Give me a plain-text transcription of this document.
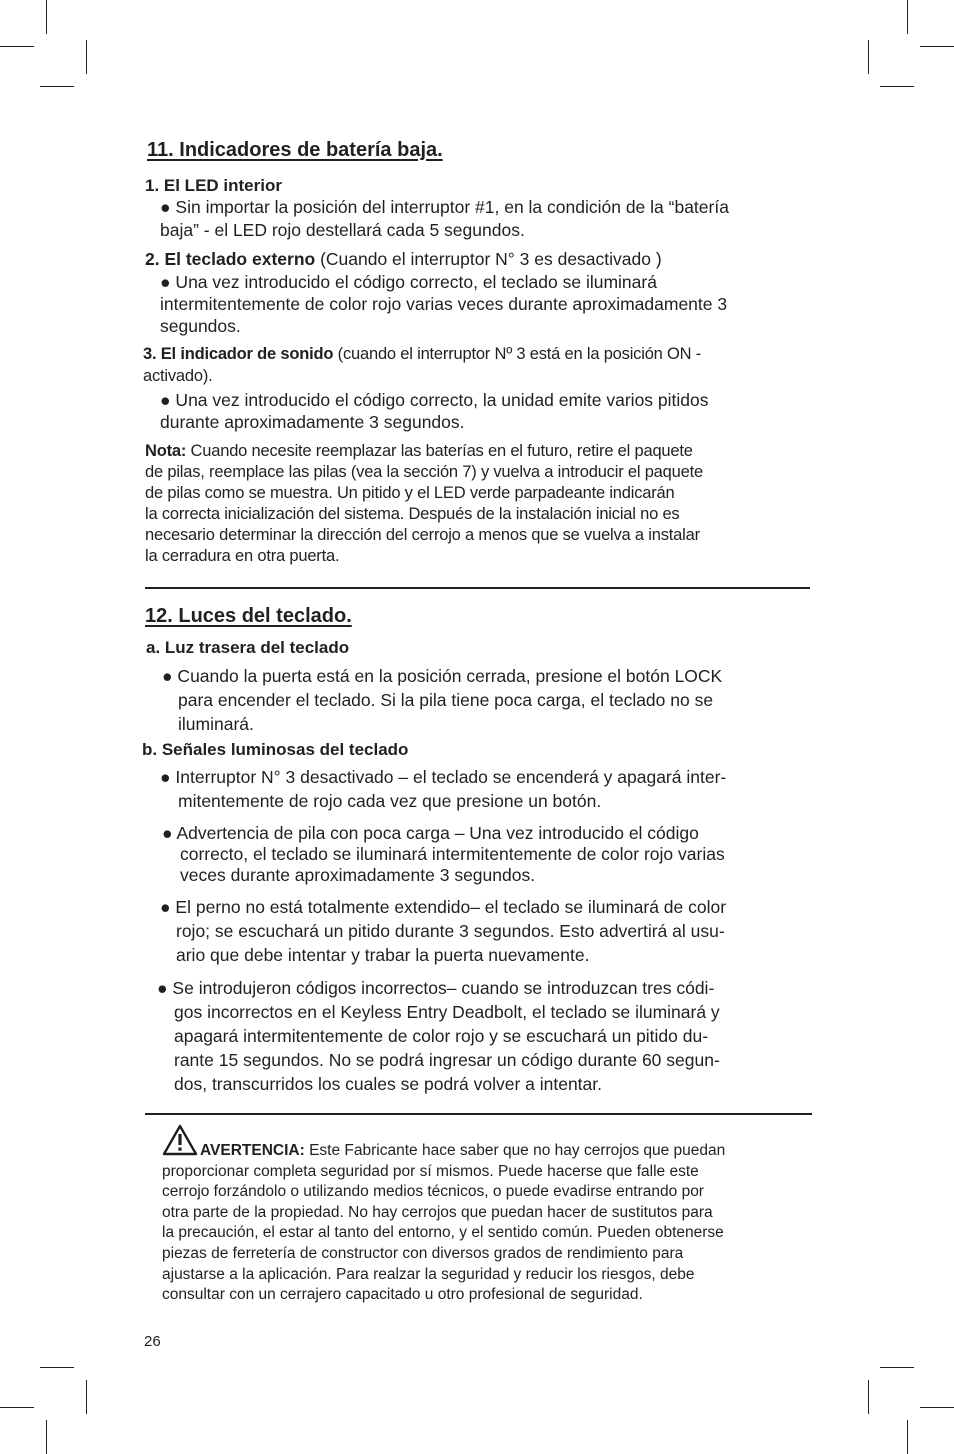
11. Indicadores de batería baja.

1. El LED interior

● Sin importar la posición del interruptor #1, en la condición de la “batería

baja” - el LED rojo destellará cada 5 segundos.

2. El teclado externo (Cuando el interruptor N° 3 es desactivado )

● Una vez introducido el código correcto, el teclado se iluminará

intermitentemente de color rojo varias veces durante aproximadamente 3

segundos.

3. El indicador de sonido (cuando el interruptor Nº 3 está en la posición ON -

activado).

● Una vez introducido el código correcto, la unidad emite varios pitidos

durante aproximadamente 3 segundos.

Nota: Cuando necesite reemplazar las baterías en el futuro, retire el paquete

de pilas, reemplace las pilas (vea la sección 7) y vuelva a introducir el paquete

de pilas como se muestra. Un pitido y el LED verde parpadeante indicarán

la correcta inicialización del sistema. Después de la instalación inicial no es

necesario determinar la dirección del cerrojo a menos que se vuelva a instalar

la cerradura en otra puerta.

12. Luces del teclado.

a. Luz trasera del teclado

● Cuando la puerta está en la posición cerrada, presione el botón LOCK

para encender el teclado. Si la pila tiene poca carga, el teclado no se

iluminará.

b. Señales luminosas del teclado

● Interruptor N° 3 desactivado – el teclado se encenderá y apagará inter-

mitentemente de rojo cada vez que presione un botón.

● Advertencia de pila con poca carga – Una vez introducido el código

correcto, el teclado se iluminará intermitentemente de color rojo varias

veces durante aproximadamente 3 segundos.

● El perno no está totalmente extendido– el teclado se iluminará de color

rojo; se escuchará un pitido durante 3 segundos. Esto advertirá al usu-

ario que debe intentar y trabar la puerta nuevamente.

● Se introdujeron códigos incorrectos– cuando se introduzcan tres códi-

gos incorrectos en el Keyless Entry Deadbolt, el teclado se iluminará y

apagará intermitentemente de color rojo y se escuchará un pitido du-

rante 15 segundos. No se podrá ingresar un código durante 60 segun-

dos, transcurridos los cuales se podrá volver a intentar.

AVERTENCIA: Este Fabricante hace saber que no hay cerrojos que puedan
proporcionar completa seguridad por sí mismos. Puede hacerse que falle este
cerrojo forzándolo o utilizando medios técnicos, o puede evadirse entrando por
otra parte de la propiedad. No hay cerrojos que puedan hacer de sustitutos para
la precaución, el estar al tanto del entorno, y el sentido común. Pueden obtenerse
piezas de ferretería de constructor con diversos grados de rendimiento para
ajustarse a la aplicación. Para realzar la seguridad y reducir los riesgos, debe
consultar con un cerrajero capacitado u otro profesional de seguridad.

26
